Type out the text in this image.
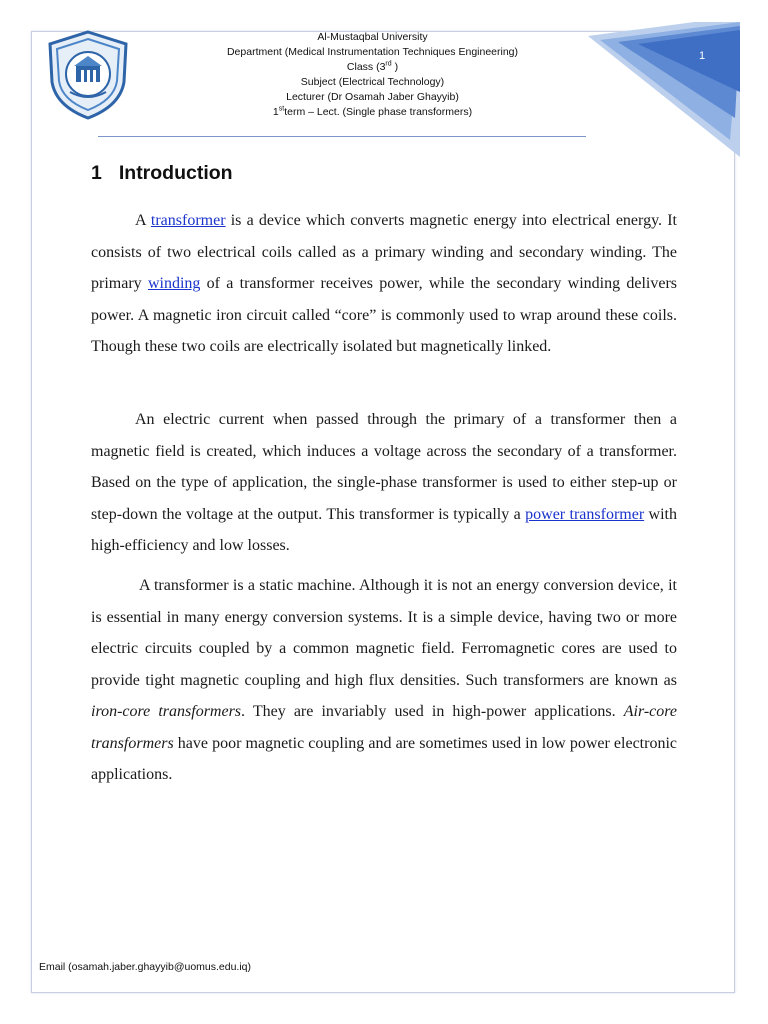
Al-Mustaqbal University
Department (Medical Instrumentation Techniques Engineering)
Class (3rd )
Subject (Electrical Technology)
Lecturer (Dr Osamah Jaber Ghayyib)
1stterm – Lect. (Single phase transformers)
1
1 Introduction

A transformer is a device which converts magnetic energy into electrical energy. It consists of two electrical coils called as a primary winding and secondary winding. The primary winding of a transformer receives power, while the secondary winding delivers power. A magnetic iron circuit called “core” is commonly used to wrap around these coils. Though these two coils are electrically isolated but magnetically linked.

An electric current when passed through the primary of a transformer then a magnetic field is created, which induces a voltage across the secondary of a transformer. Based on the type of application, the single-phase transformer is used to either step-up or step-down the voltage at the output. This transformer is typically a power transformer with high-efficiency and low losses.

A transformer is a static machine. Although it is not an energy conversion device, it is essential in many energy conversion systems. It is a simple device, having two or more electric circuits coupled by a common magnetic field. Ferromagnetic cores are used to provide tight magnetic coupling and high flux densities. Such transformers are known as iron-core transformers. They are invariably used in high-power applications. Air-core transformers have poor magnetic coupling and are sometimes used in low power electronic applications.

Email (osamah.jaber.ghayyib@uomus.edu.iq)
